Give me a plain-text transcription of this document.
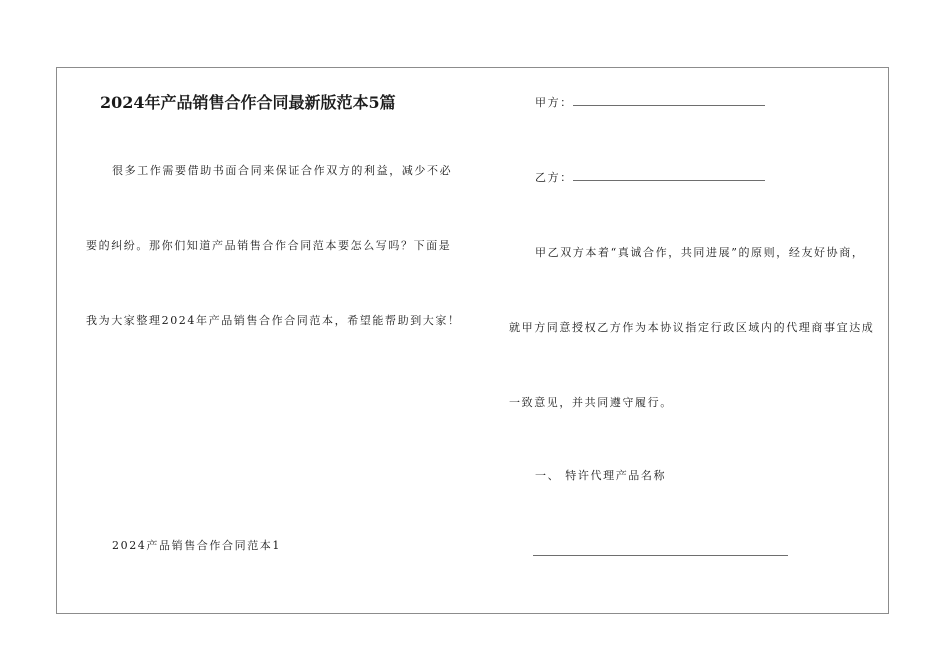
2024年产品销售合作合同最新版范本5篇
很多工作需要借助书面合同来保证合作双方的利益，减少不必
要的纠纷。那你们知道产品销售合作合同范本要怎么写吗？下面是
我为大家整理2024年产品销售合作合同范本，希望能帮助到大家！
2024产品销售合作合同范本1
甲方：
乙方：
甲乙双方本着“真诚合作，共同进展”的原则，经友好协商，
就甲方同意授权乙方作为本协议指定行政区域内的代理商事宜达成
一致意见，并共同遵守履行。
一、 特许代理产品名称
